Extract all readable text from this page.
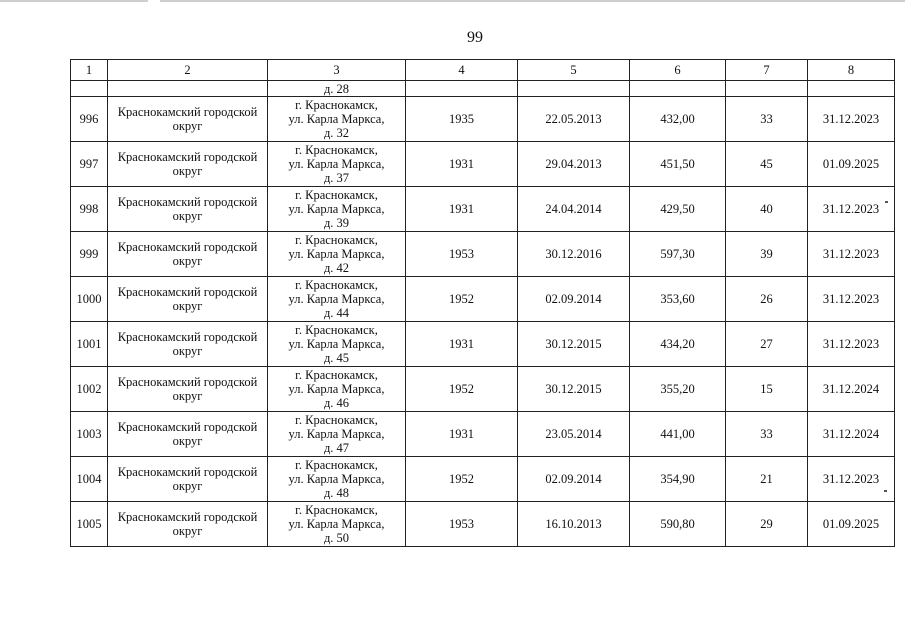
99
1	2	3	4	5	6	7	8
		д. 28					
996	Краснокамский городской округ	г. Краснокамск,
ул. Карла Маркса,
д. 32	1935	22.05.2013	432,00	33	31.12.2023
997	Краснокамский городской округ	г. Краснокамск,
ул. Карла Маркса,
д. 37	1931	29.04.2013	451,50	45	01.09.2025
998	Краснокамский городской округ	г. Краснокамск,
ул. Карла Маркса,
д. 39	1931	24.04.2014	429,50	40	31.12.2023
999	Краснокамский городской округ	г. Краснокамск,
ул. Карла Маркса,
д. 42	1953	30.12.2016	597,30	39	31.12.2023
1000	Краснокамский городской округ	г. Краснокамск,
ул. Карла Маркса,
д. 44	1952	02.09.2014	353,60	26	31.12.2023
1001	Краснокамский городской округ	г. Краснокамск,
ул. Карла Маркса,
д. 45	1931	30.12.2015	434,20	27	31.12.2023
1002	Краснокамский городской округ	г. Краснокамск,
ул. Карла Маркса,
д. 46	1952	30.12.2015	355,20	15	31.12.2024
1003	Краснокамский городской округ	г. Краснокамск,
ул. Карла Маркса,
д. 47	1931	23.05.2014	441,00	33	31.12.2024
1004	Краснокамский городской округ	г. Краснокамск,
ул. Карла Маркса,
д. 48	1952	02.09.2014	354,90	21	31.12.2023
1005	Краснокамский городской округ	г. Краснокамск,
ул. Карла Маркса,
д. 50	1953	16.10.2013	590,80	29	01.09.2025
